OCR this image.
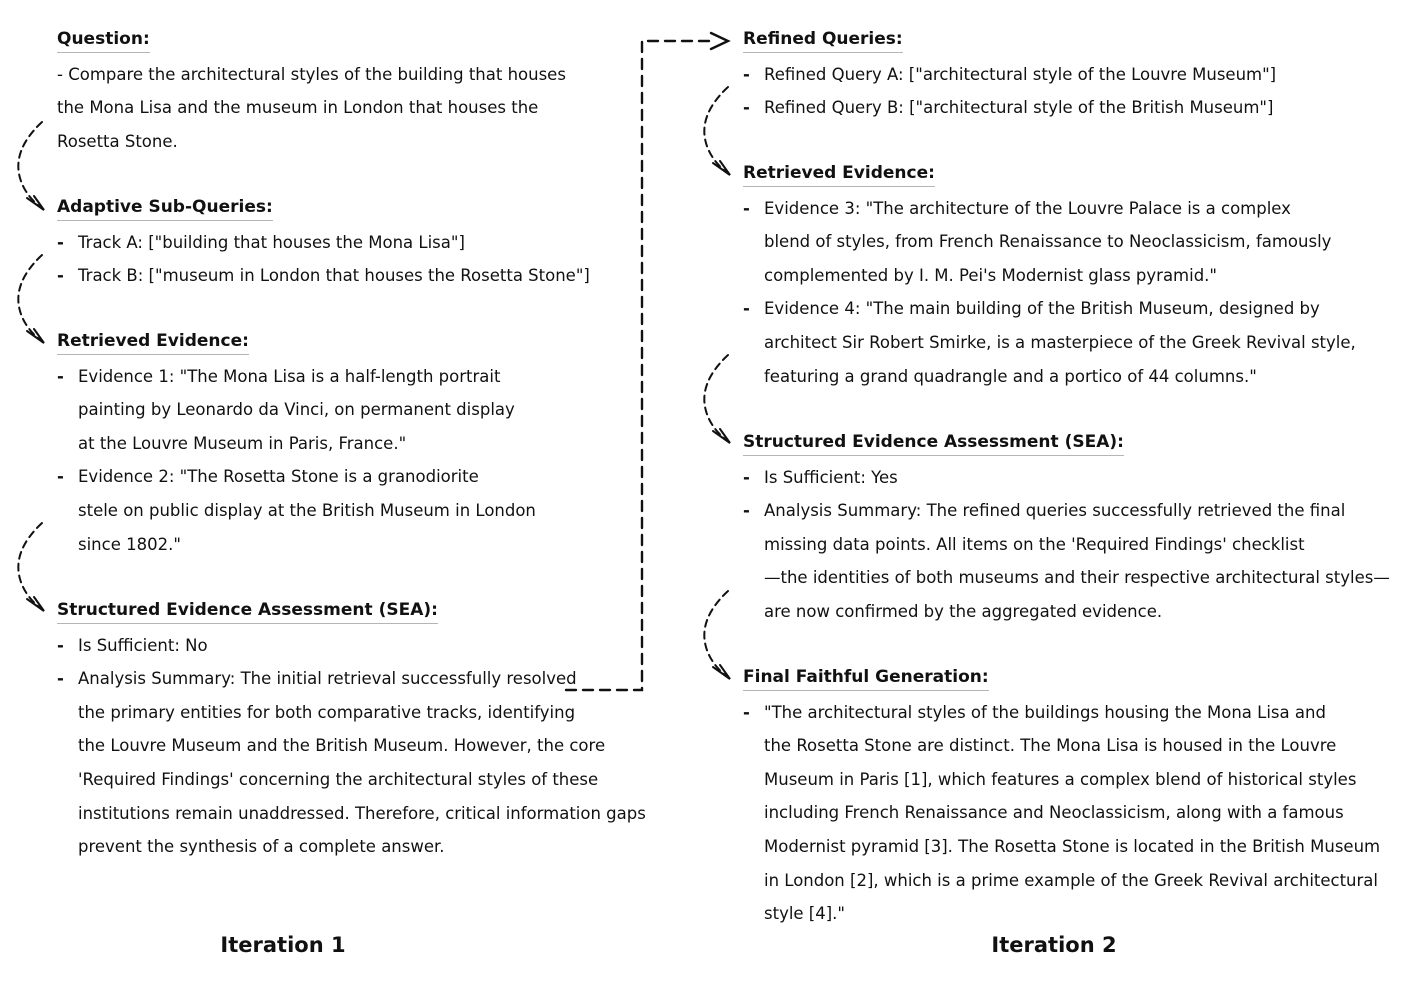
Question:
- Compare the architectural styles of the building that houses
the Mona Lisa and the museum in London that houses the
Rosetta Stone.
Adaptive Sub-Queries:
- Track A: ["building that houses the Mona Lisa"]
- Track B: ["museum in London that houses the Rosetta Stone"]
Retrieved Evidence:
- Evidence 1: "The Mona Lisa is a half-length portrait
painting by Leonardo da Vinci, on permanent display
at the Louvre Museum in Paris, France."
- Evidence 2: "The Rosetta Stone is a granodiorite
stele on public display at the British Museum in London
since 1802."
Structured Evidence Assessment (SEA):
- Is Sufficient: No
- Analysis Summary: The initial retrieval successfully resolved
the primary entities for both comparative tracks, identifying
the Louvre Museum and the British Museum. However, the core
'Required Findings' concerning the architectural styles of these
institutions remain unaddressed. Therefore, critical information gaps
prevent the synthesis of a complete answer.
Refined Queries:
- Refined Query A: ["architectural style of the Louvre Museum"]
- Refined Query B: ["architectural style of the British Museum"]
Retrieved Evidence:
- Evidence 3: "The architecture of the Louvre Palace is a complex
blend of styles, from French Renaissance to Neoclassicism, famously
complemented by I. M. Pei's Modernist glass pyramid."
- Evidence 4: "The main building of the British Museum, designed by
architect Sir Robert Smirke, is a masterpiece of the Greek Revival style,
featuring a grand quadrangle and a portico of 44 columns."
Structured Evidence Assessment (SEA):
- Is Sufficient: Yes
- Analysis Summary: The refined queries successfully retrieved the final
missing data points. All items on the 'Required Findings' checklist
—the identities of both museums and their respective architectural styles—
are now confirmed by the aggregated evidence.
Final Faithful Generation:
- "The architectural styles of the buildings housing the Mona Lisa and
the Rosetta Stone are distinct. The Mona Lisa is housed in the Louvre
Museum in Paris [1], which features a complex blend of historical styles
including French Renaissance and Neoclassicism, along with a famous
Modernist pyramid [3]. The Rosetta Stone is located in the British Museum
in London [2], which is a prime example of the Greek Revival architectural
style [4]."
Iteration 1	Iteration 2
